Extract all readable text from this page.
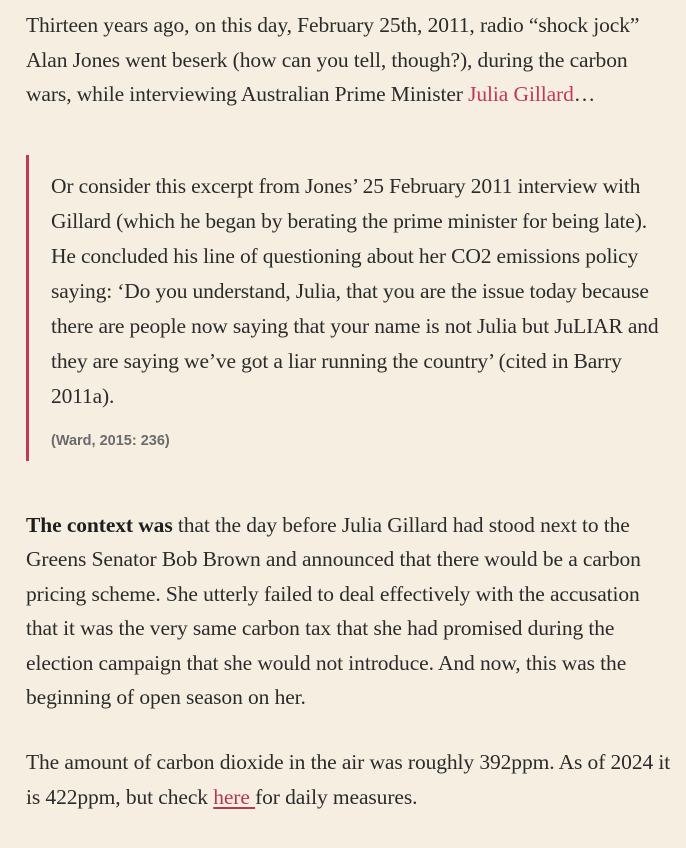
Thirteen years ago, on this day, February 25th, 2011, radio “shock jock” Alan Jones went beserk (how can you tell, though?), during the carbon wars, while interviewing Australian Prime Minister Julia Gillard…

Or consider this excerpt from Jones’ 25 February 2011 interview with Gillard (which he began by berating the prime minister for being late). He concluded his line of questioning about her CO2 emissions policy saying: ‘Do you understand, Julia, that you are the issue today because there are people now saying that your name is not Julia but JuLIAR and they are saying we’ve got a liar running the country’ (cited in Barry 2011a).

(Ward, 2015: 236)

The context was that the day before Julia Gillard had stood next to the Greens Senator Bob Brown and announced that there would be a carbon pricing scheme. She utterly failed to deal effectively with the accusation that it was the very same carbon tax that she had promised during the election campaign that she would not introduce. And now, this was the beginning of open season on her.

The amount of carbon dioxide in the air was roughly 392ppm. As of 2024 it is 422ppm, but check here for daily measures.
